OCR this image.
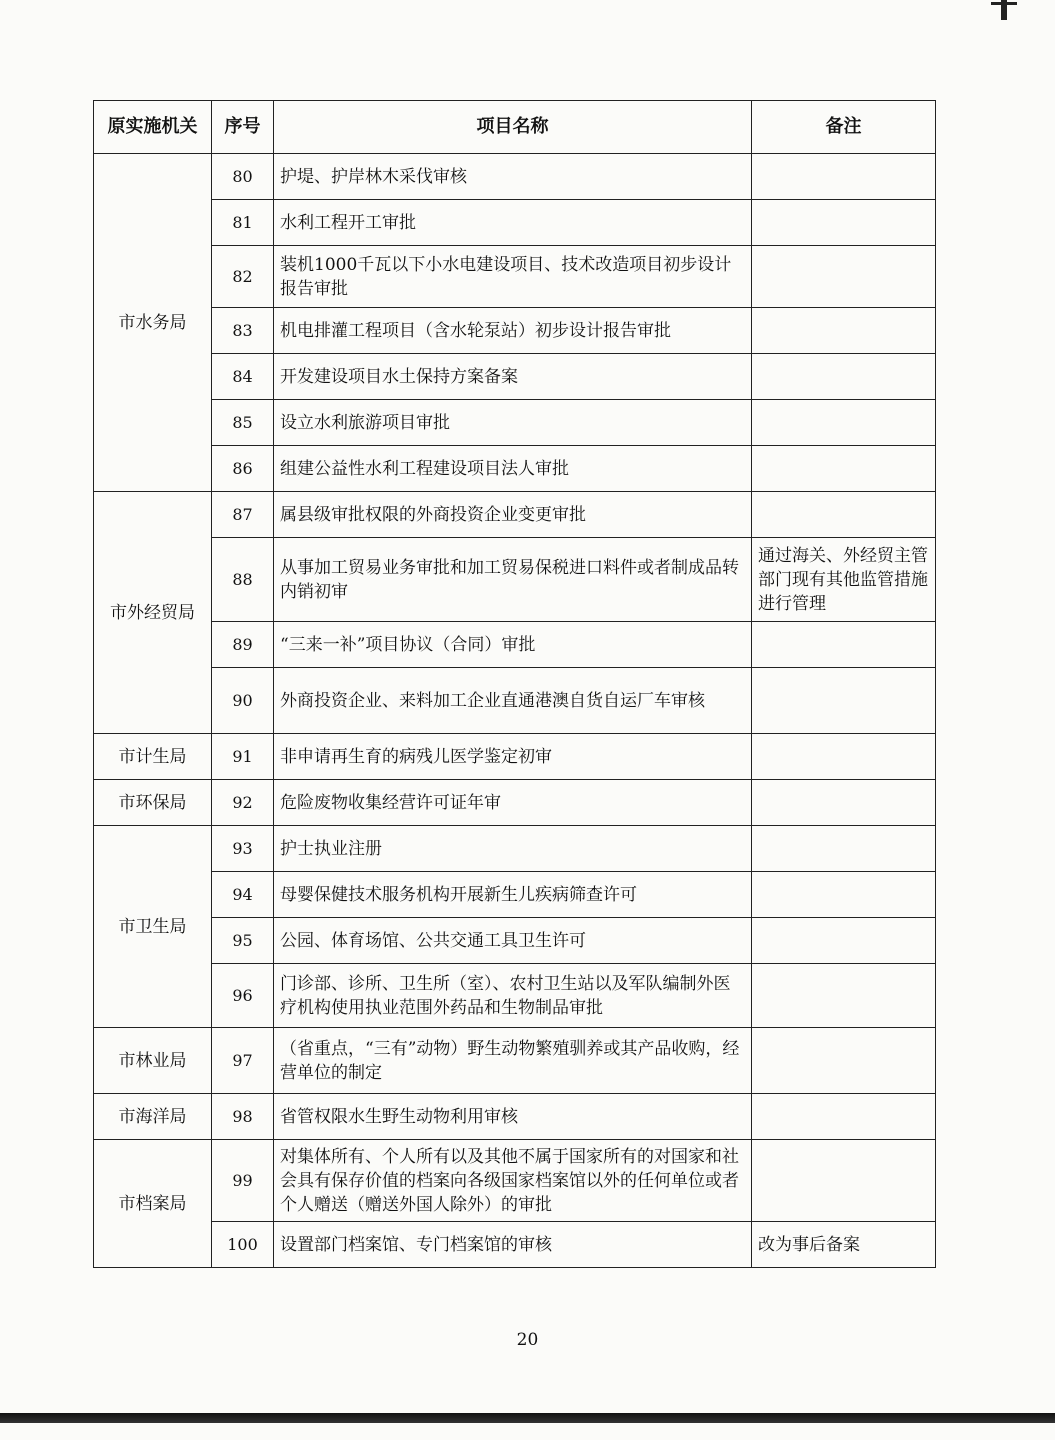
原实施机关	序号	项目名称	备注
市水务局	80	护堤、护岸林木采伐审核	
	81	水利工程开工审批	
	82	装机1000千瓦以下小水电建设项目、技术改造项目初步设计报告审批	
	83	机电排灌工程项目（含水轮泵站）初步设计报告审批	
	84	开发建设项目水土保持方案备案	
	85	设立水利旅游项目审批	
	86	组建公益性水利工程建设项目法人审批	
市外经贸局	87	属县级审批权限的外商投资企业变更审批	
	88	从事加工贸易业务审批和加工贸易保税进口料件或者制成品转内销初审	通过海关、外经贸主管部门现有其他监管措施进行管理
	89	“三来一补”项目协议（合同）审批	
	90	外商投资企业、来料加工企业直通港澳自货自运厂车审核	
市计生局	91	非申请再生育的病残儿医学鉴定初审	
市环保局	92	危险废物收集经营许可证年审	
市卫生局	93	护士执业注册	
	94	母婴保健技术服务机构开展新生儿疾病筛查许可	
	95	公园、体育场馆、公共交通工具卫生许可	
	96	门诊部、诊所、卫生所（室）、农村卫生站以及军队编制外医疗机构使用执业范围外药品和生物制品审批	
市林业局	97	（省重点，“三有”动物）野生动物繁殖驯养或其产品收购，经营单位的制定	
市海洋局	98	省管权限水生野生动物利用审核	
市档案局	99	对集体所有、个人所有以及其他不属于国家所有的对国家和社会具有保存价值的档案向各级国家档案馆以外的任何单位或者个人赠送（赠送外国人除外）的审批	
	100	设置部门档案馆、专门档案馆的审核	改为事后备案
20
